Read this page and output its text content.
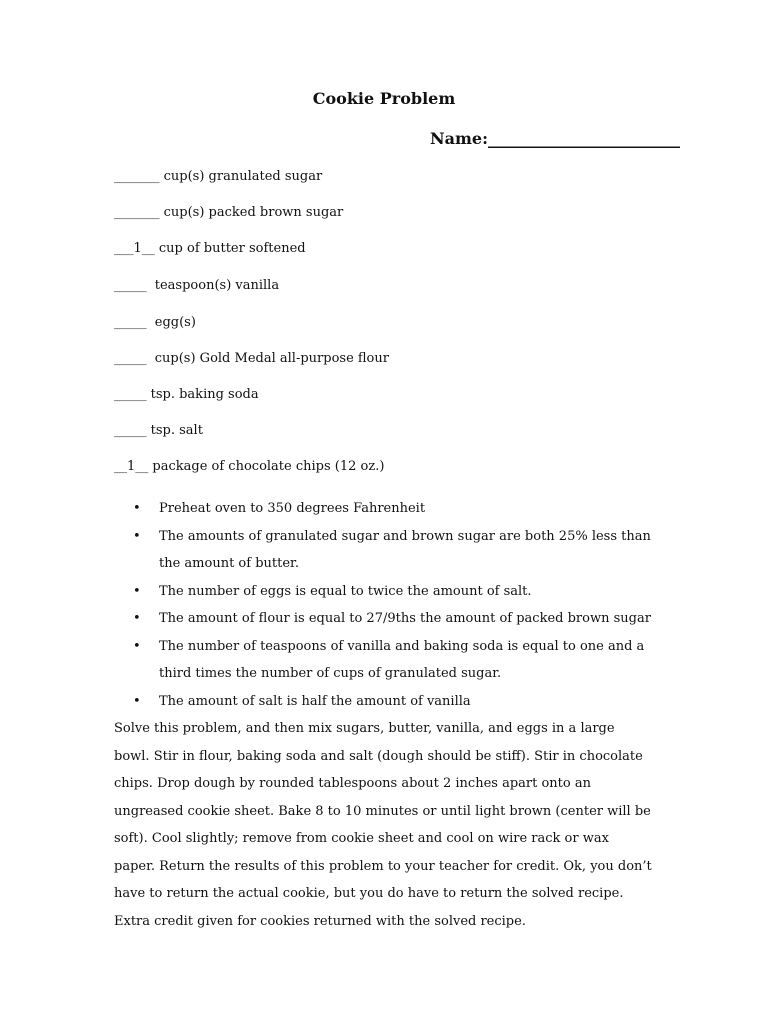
Cookie Problem
Name:________________________
_______ cup(s) granulated sugar
_______ cup(s) packed brown sugar
___1__ cup of butter softened
_____  teaspoon(s) vanilla
_____  egg(s)
_____  cup(s) Gold Medal all-purpose flour
_____ tsp. baking soda
_____ tsp. salt
__1__ package of chocolate chips (12 oz.)
• Preheat oven to 350 degrees Fahrenheit
• The amounts of granulated sugar and brown sugar are both 25% less than the amount of butter.
• The number of eggs is equal to twice the amount of salt.
• The amount of flour is equal to 27/9ths the amount of packed brown sugar
• The number of teaspoons of vanilla and baking soda is equal to one and a third times the number of cups of granulated sugar.
• The amount of salt is half the amount of vanilla

Solve this problem, and then mix sugars, butter, vanilla, and eggs in a large bowl. Stir in flour, baking soda and salt (dough should be stiff). Stir in chocolate chips. Drop dough by rounded tablespoons about 2 inches apart onto an ungreased cookie sheet. Bake 8 to 10 minutes or until light brown (center will be soft). Cool slightly; remove from cookie sheet and cool on wire rack or wax paper. Return the results of this problem to your teacher for credit. Ok, you don’t have to return the actual cookie, but you do have to return the solved recipe. Extra credit given for cookies returned with the solved recipe.
